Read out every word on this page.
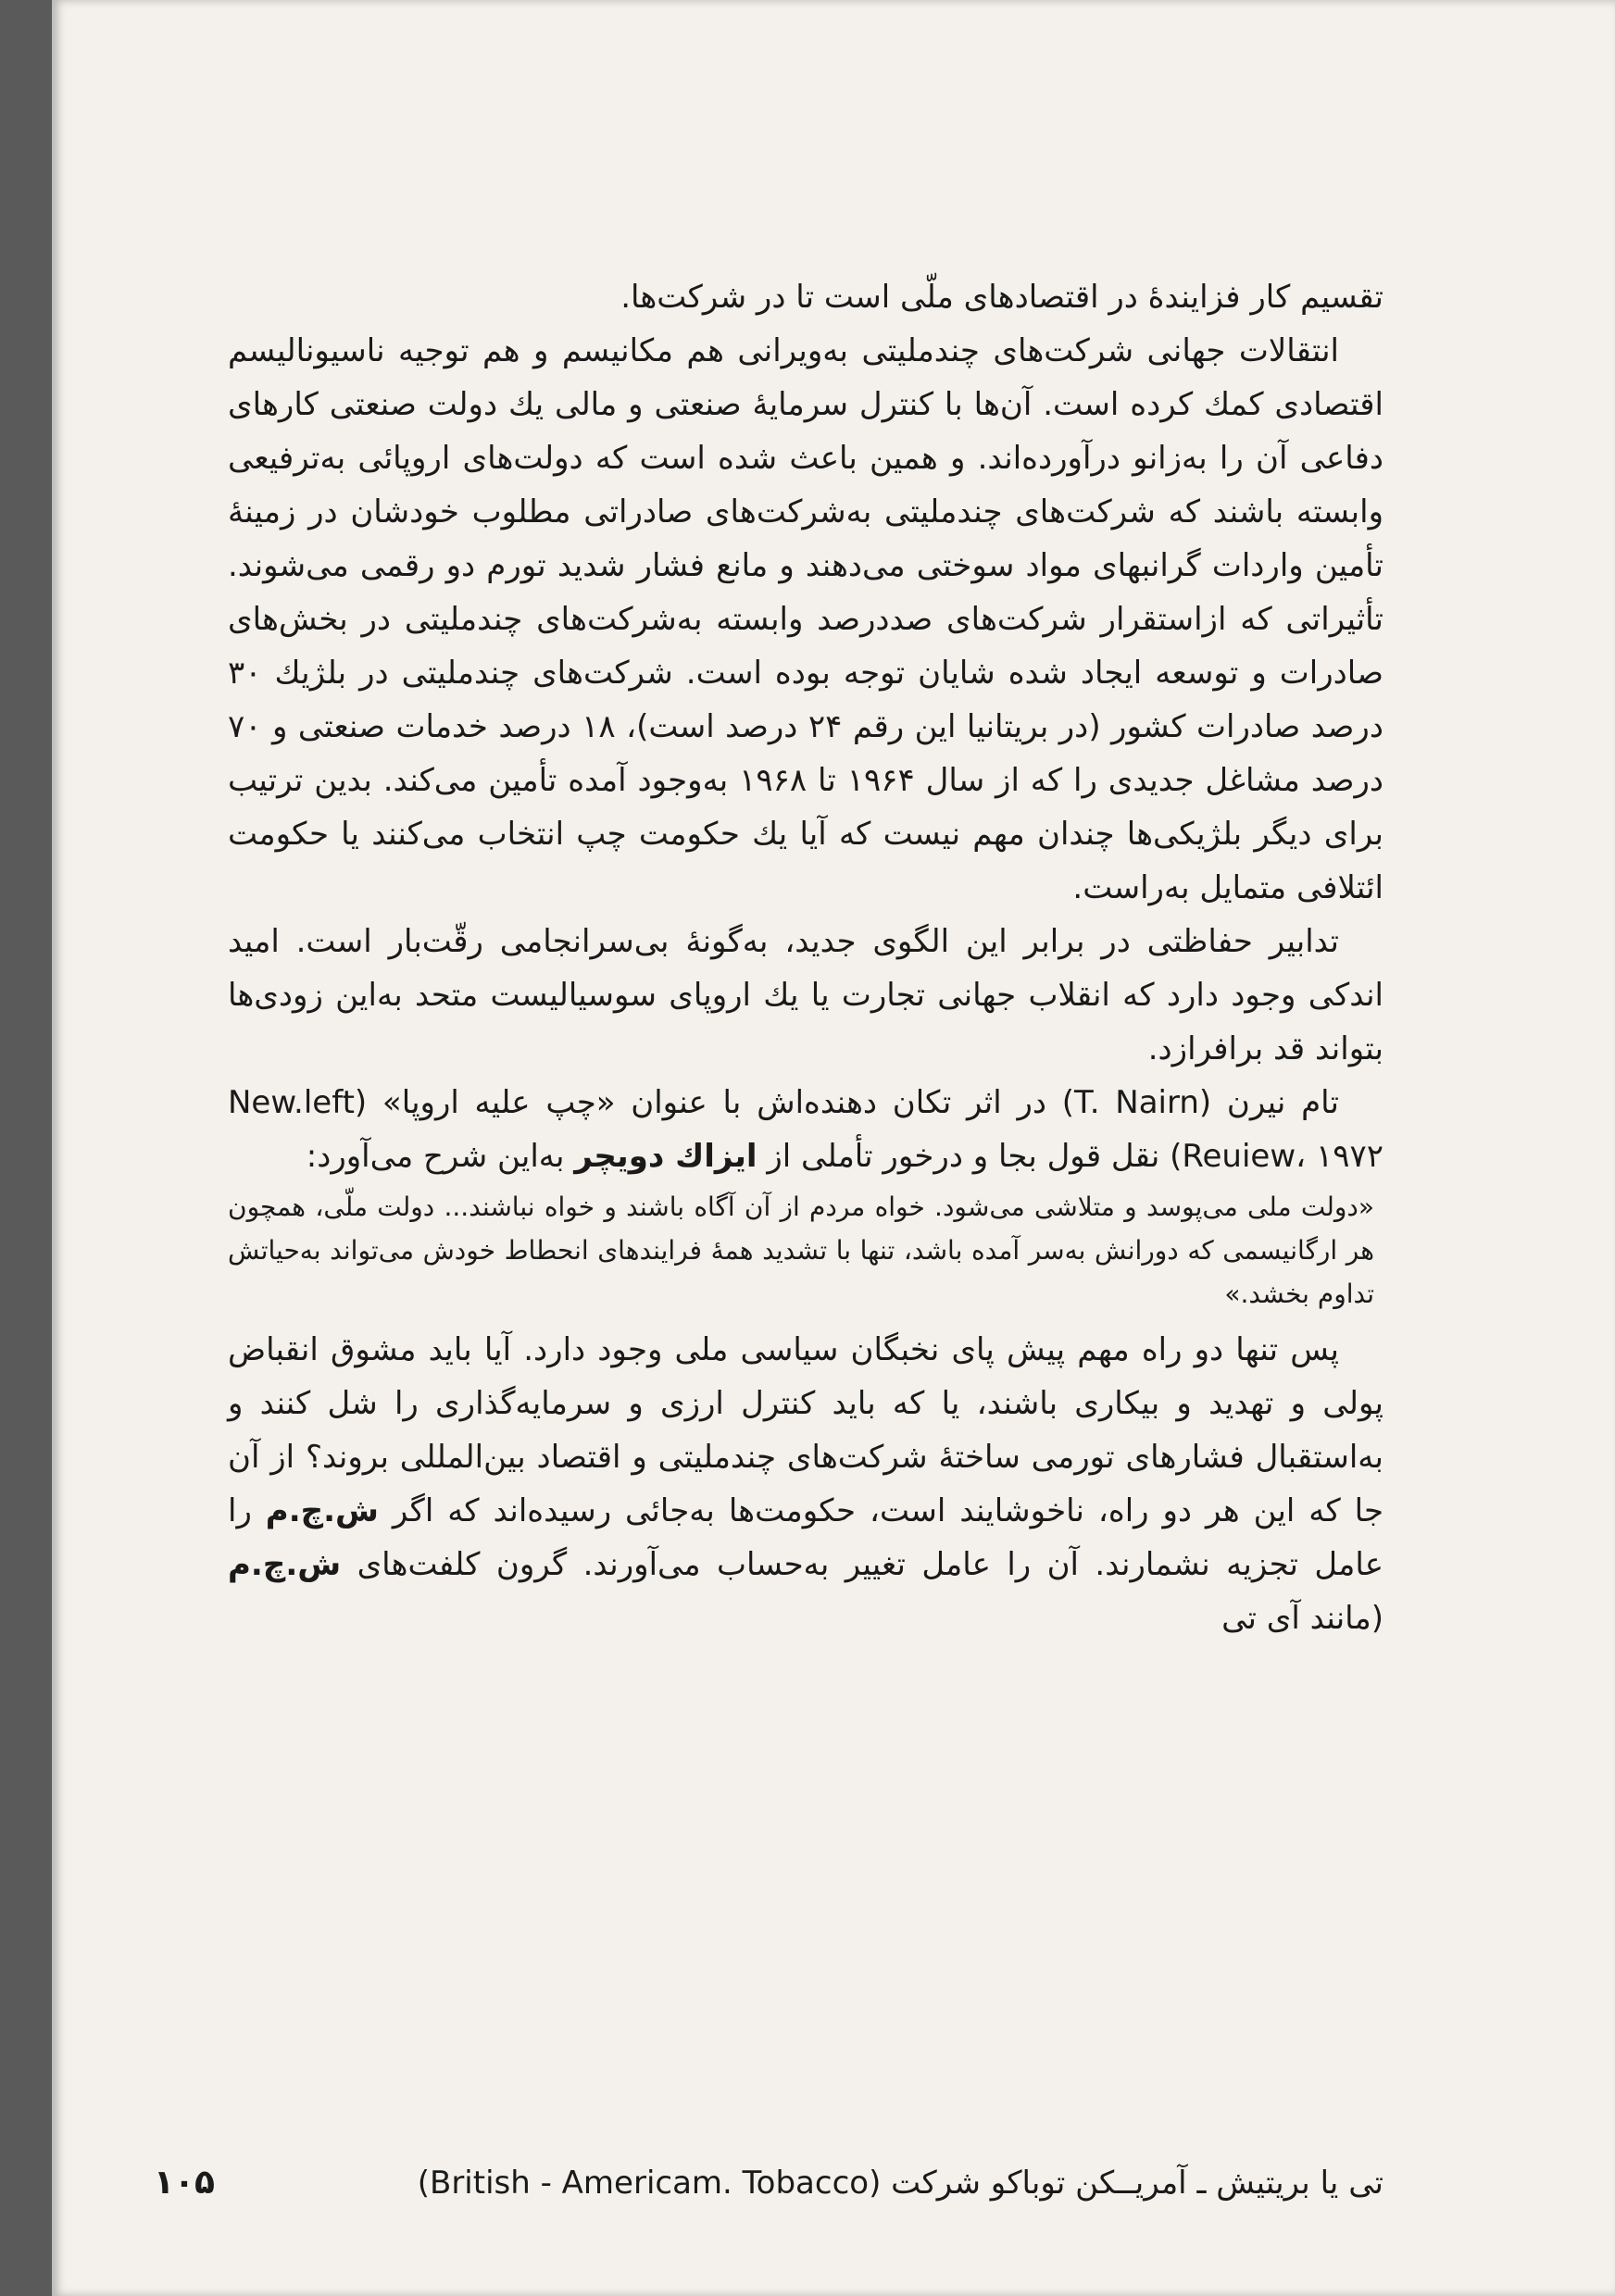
تقسیم کار فزایندهٔ در اقتصادهای ملّی است تا در شرکت‌ها.

انتقالات جهانی شرکت‌های چندملیتی به‌ویرانی هم مکانیسم و هم توجیه ناسیونالیسم اقتصادی کمك کرده است. آن‌ها با کنترل سرمایهٔ صنعتی و مالی یك دولت صنعتی کارهای دفاعی آن را به‌زانو درآورده‌اند. و همین باعث شده است که دولت‌های اروپائی به‌ترفیعی وابسته باشند که شرکت‌های چندملیتی به‌شرکت‌های صادراتی مطلوب خودشان در زمینهٔ تأمین واردات گرانبهای مواد سوختی می‌دهند و مانع فشار شدید تورم دو رقمی می‌شوند. تأثیراتی که ازاستقرار شرکت‌های صددرصد وابسته به‌شرکت‌های چندملیتی در بخش‌های صادرات و توسعه ایجاد شده شایان توجه بوده است. شرکت‌های چندملیتی در بلژیك ۳۰ درصد صادرات کشور (در بریتانیا این رقم ۲۴ درصد است)، ۱۸ درصد خدمات صنعتی و ۷۰ درصد مشاغل جدیدی را که از سال ۱۹۶۴ تا ۱۹۶۸ به‌وجود آمده تأمین می‌کند. بدین ترتیب برای دیگر بلژیکی‌ها چندان مهم نیست که آیا یك حکومت چپ انتخاب می‌کنند یا حکومت ائتلافی متمایل به‌راست.

تدابیر حفاظتی در برابر این الگوی جدید، به‌گونهٔ بی‌سرانجامی رقّت‌بار است. امید اندکی وجود دارد که انقلاب جهانی تجارت یا یك اروپای سوسیالیست متحد به‌این زودی‌ها بتواند قد برافرازد.

تام نیرن (T. Nairn) در اثر تکان دهنده‌اش با عنوان «چپ علیه اروپا» (New.left Reuiew، ۱۹۷۲) نقل قول بجا و درخور تأملی از ایزاك دویچر به‌این شرح می‌آورد:

«دولت ملی می‌پوسد و متلاشی می‌شود. خواه مردم از آن آگاه باشند و خواه نباشند... دولت ملّی، همچون هر ارگانیسمی که دورانش به‌سر آمده باشد، تنها با تشدید همهٔ فرایندهای انحطاط خودش می‌تواند به‌حیاتش تداوم بخشد.»

پس تنها دو راه مهم پیش پای نخبگان سیاسی ملی وجود دارد. آیا باید مشوق انقباض پولی و تهدید و بیکاری باشند، یا که باید کنترل ارزی و سرمایه‌گذاری را شل کنند و به‌استقبال فشارهای تورمی ساختهٔ شرکت‌های چندملیتی و اقتصاد بین‌المللی بروند؟ از آن جا که این هر دو راه، ناخوشایند است، حکومت‌ها به‌جائی رسیده‌اند که اگر ش.چ.م را عامل تجزیه نشمارند. آن را عامل تغییر به‌حساب می‌آورند. گرون کلفت‌های ش.چ.م (مانند آی تی

تی یا بریتیش ـ آمریــکن توباکو شرکت (British - Americam. Tobacco)
۱۰۵
